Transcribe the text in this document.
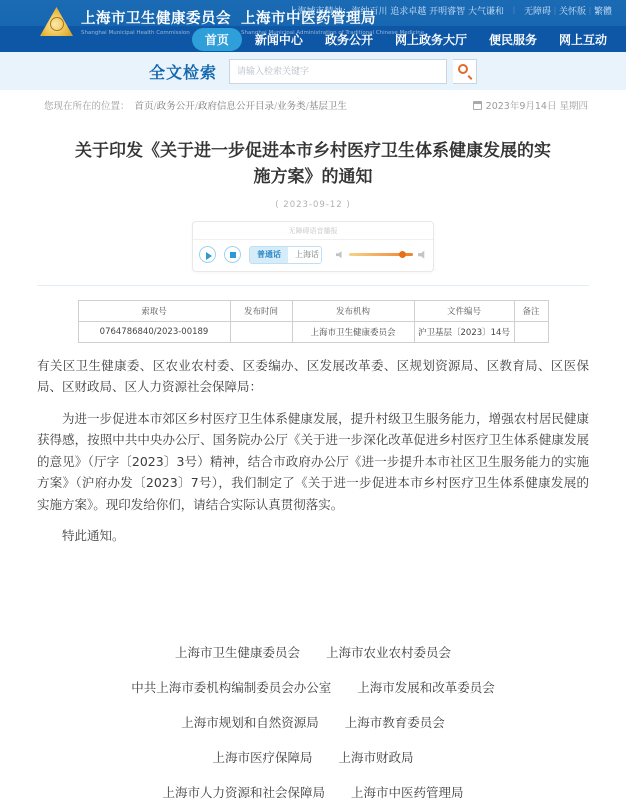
上海城市精神：海纳百川 追求卓越 开明睿智 大气谦和 ｜ 无障碍｜关怀版｜繁體
上海市卫生健康委员会
Shanghai Municipal Health Commission
上海市中医药管理局
Shanghai Municipal Administration of Traditional Chinese Medicine
首页	新闻中心	政务公开	网上政务大厅	便民服务	网上互动
全文检索
请输入检索关键字
您现在所在的位置： 首页/政务公开/政府信息公开目录/业务类/基层卫生	2023年9月14日 星期四
关于印发《关于进一步促进本市乡村医疗卫生体系健康发展的实施方案》的通知
( 2023-09-12 )
无障碍语音播报
普通话	上海话
索取号	发布时间	发布机构	文件编号	备注
0764786840/2023-00189		上海市卫生健康委员会	沪卫基层〔2023〕14号	

有关区卫生健康委、区农业农村委、区委编办、区发展改革委、区规划资源局、区教育局、区医保局、区财政局、区人力资源社会保障局：

为进一步促进本市郊区乡村医疗卫生体系健康发展，提升村级卫生服务能力，增强农村居民健康获得感，按照中共中央办公厅、国务院办公厅《关于进一步深化改革促进乡村医疗卫生体系健康发展的意见》（厅字〔2023〕3号）精神，结合市政府办公厅《进一步提升本市社区卫生服务能力的实施方案》（沪府办发〔2023〕7号），我们制定了《关于进一步促进本市乡村医疗卫生体系健康发展的实施方案》。现印发给你们，请结合实际认真贯彻落实。

特此通知。

上海市卫生健康委员会 上海市农业农村委员会
中共上海市委机构编制委员会办公室 上海市发展和改革委员会
上海市规划和自然资源局 上海市教育委员会
上海市医疗保障局 上海市财政局
上海市人力资源和社会保障局 上海市中医药管理局
